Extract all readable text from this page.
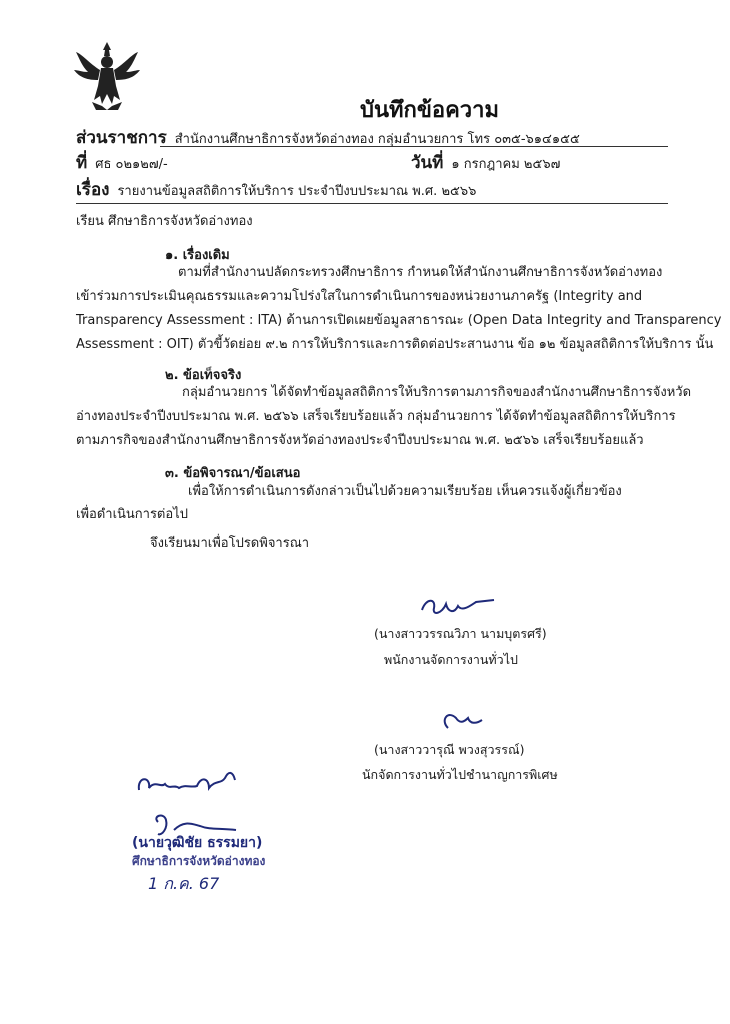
บันทึกข้อความ
ส่วนราชการ สำนักงานศึกษาธิการจังหวัดอ่างทอง กลุ่มอำนวยการ โทร ๐๓๕-๖๑๔๑๕๕
ที่ ศธ ๐๒๑๒๗/-	วันที่ ๑ กรกฎาคม ๒๕๖๗
เรื่อง รายงานข้อมูลสถิติการให้บริการ ประจำปีงบประมาณ พ.ศ. ๒๕๖๖
เรียน ศึกษาธิการจังหวัดอ่างทอง
๑. เรื่องเดิม
ตามที่สำนักงานปลัดกระทรวงศึกษาธิการ กำหนดให้สำนักงานศึกษาธิการจังหวัดอ่างทอง
เข้าร่วมการประเมินคุณธรรมและความโปร่งใสในการดำเนินการของหน่วยงานภาครัฐ (Integrity and
Transparency Assessment : ITA) ด้านการเปิดเผยข้อมูลสาธารณะ (Open Data Integrity and Transparency
Assessment : OIT) ตัวขี้วัดย่อย ๙.๒ การให้บริการและการติดต่อประสานงาน ข้อ ๑๒ ข้อมูลสถิติการให้บริการ นั้น
๒. ข้อเท็จจริง
กลุ่มอำนวยการ ได้จัดทำข้อมูลสถิติการให้บริการตามภารกิจของสำนักงานศึกษาธิการจังหวัด
อ่างทองประจำปีงบประมาณ พ.ศ. ๒๕๖๖ เสร็จเรียบร้อยแล้ว กลุ่มอำนวยการ ได้จัดทำข้อมูลสถิติการให้บริการ
ตามภารกิจของสำนักงานศึกษาธิการจังหวัดอ่างทองประจำปีงบประมาณ พ.ศ. ๒๕๖๖ เสร็จเรียบร้อยแล้ว
๓. ข้อพิจารณา/ข้อเสนอ
เพื่อให้การดำเนินการดังกล่าวเป็นไปด้วยความเรียบร้อย เห็นควรแจ้งผู้เกี่ยวข้อง
เพื่อดำเนินการต่อไป
จึงเรียนมาเพื่อโปรดพิจารณา
(นางสาววรรณวิภา นามบุตรศรี)
พนักงานจัดการงานทั่วไป
(นางสาววารุณี พวงสุวรรณ์)
นักจัดการงานทั่วไปชำนาญการพิเศษ
(นายวุฒิชัย ธรรมยา)
ศึกษาธิการจังหวัดอ่างทอง
1 ก.ค. 67
